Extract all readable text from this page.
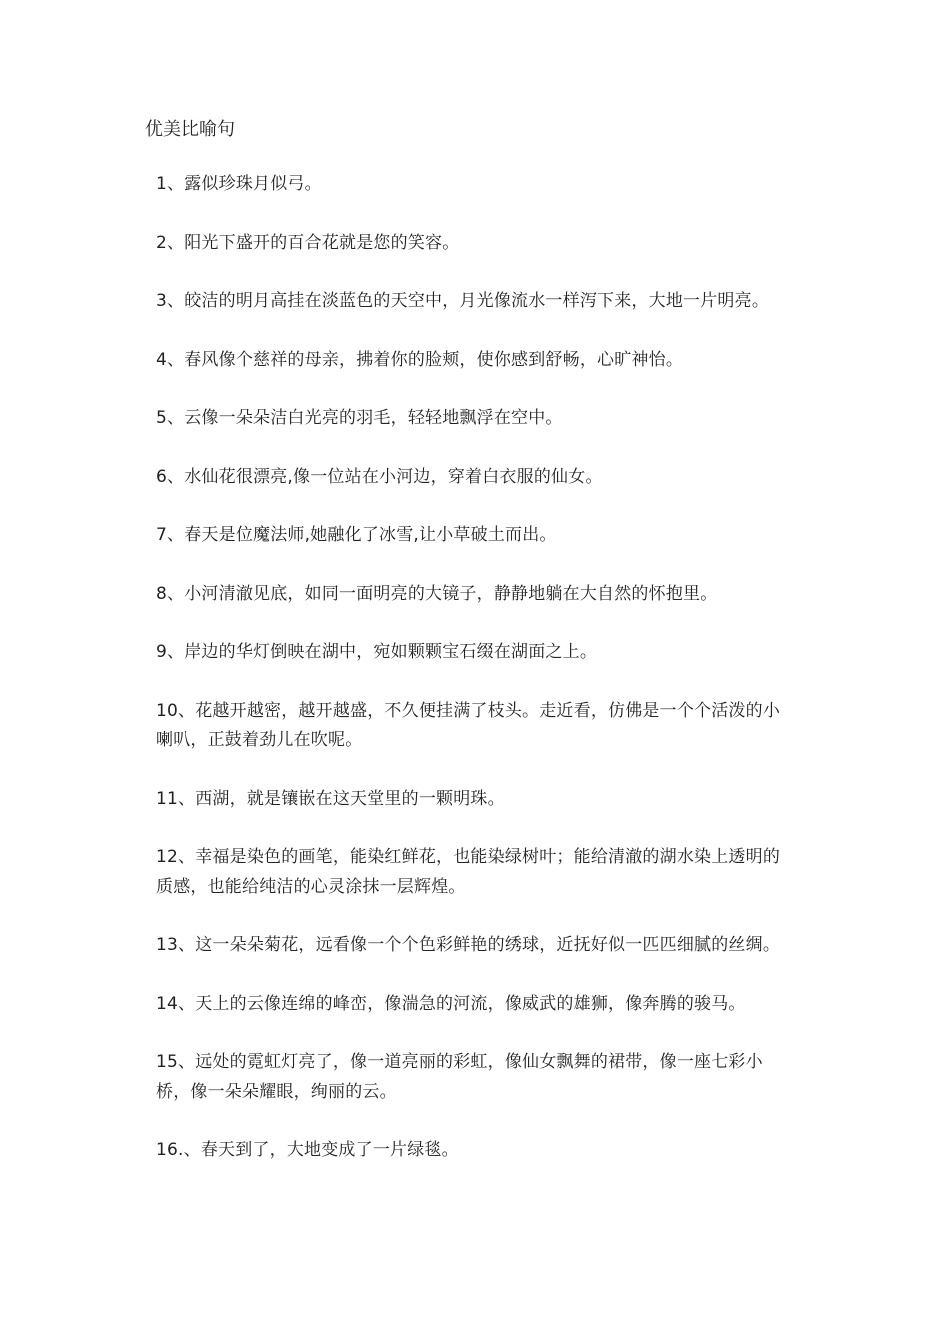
优美比喻句
1、露似珍珠月似弓。
2、阳光下盛开的百合花就是您的笑容。
3、皎洁的明月高挂在淡蓝色的天空中，月光像流水一样泻下来，大地一片明亮。
4、春风像个慈祥的母亲，拂着你的脸颊，使你感到舒畅，心旷神怡。
5、云像一朵朵洁白光亮的羽毛，轻轻地飘浮在空中。
6、水仙花很漂亮,像一位站在小河边，穿着白衣服的仙女。
7、春天是位魔法师,她融化了冰雪,让小草破土而出。
8、小河清澈见底，如同一面明亮的大镜子，静静地躺在大自然的怀抱里。
9、岸边的华灯倒映在湖中，宛如颗颗宝石缀在湖面之上。
10、花越开越密，越开越盛，不久便挂满了枝头。走近看，仿佛是一个个活泼的小喇叭，正鼓着劲儿在吹呢。
11、西湖，就是镶嵌在这天堂里的一颗明珠。
12、幸福是染色的画笔，能染红鲜花，也能染绿树叶；能给清澈的湖水染上透明的质感，也能给纯洁的心灵涂抹一层辉煌。
13、这一朵朵菊花，远看像一个个色彩鲜艳的绣球，近抚好似一匹匹细腻的丝绸。
14、天上的云像连绵的峰峦，像湍急的河流，像威武的雄狮，像奔腾的骏马。
15、远处的霓虹灯亮了，像一道亮丽的彩虹，像仙女飘舞的裙带，像一座七彩小桥，像一朵朵耀眼，绚丽的云。
16.、春天到了，大地变成了一片绿毯。
